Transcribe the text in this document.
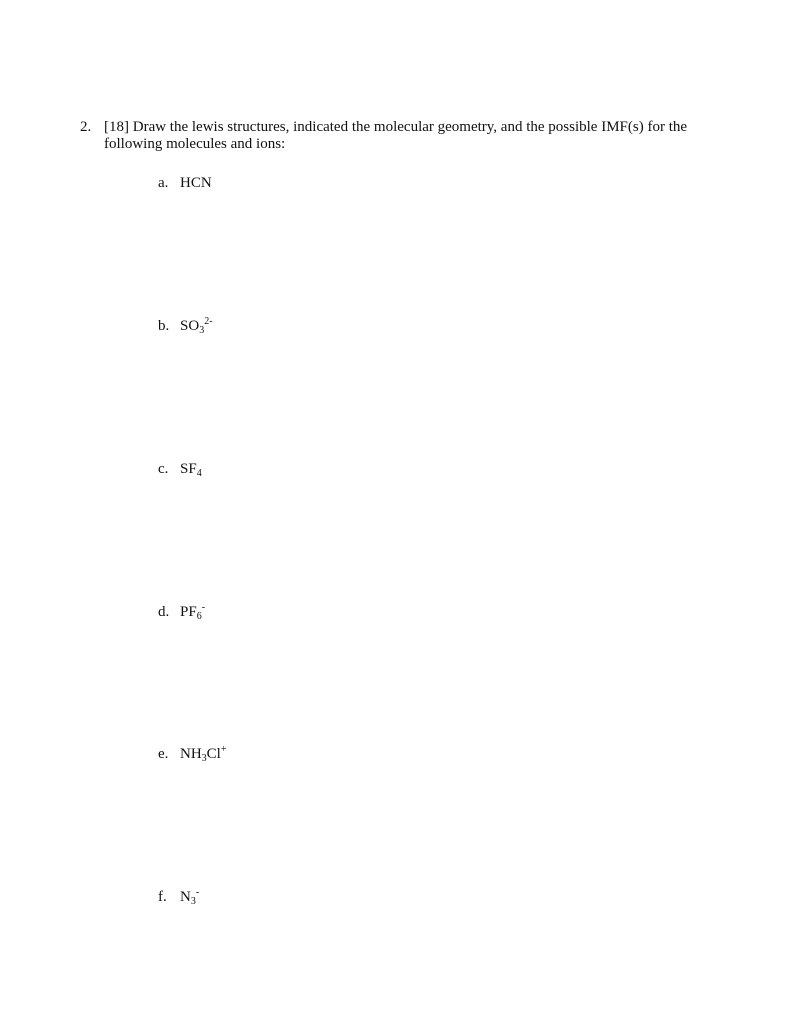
2. [18] Draw the lewis structures, indicated the molecular geometry, and the possible IMF(s) for the following molecules and ions:
a. HCN
b. $SO_3^{2-}$
c. $SF_4$
d. $PF_6^-$
e. $NH_3Cl^+$
f. $N_3^-$
